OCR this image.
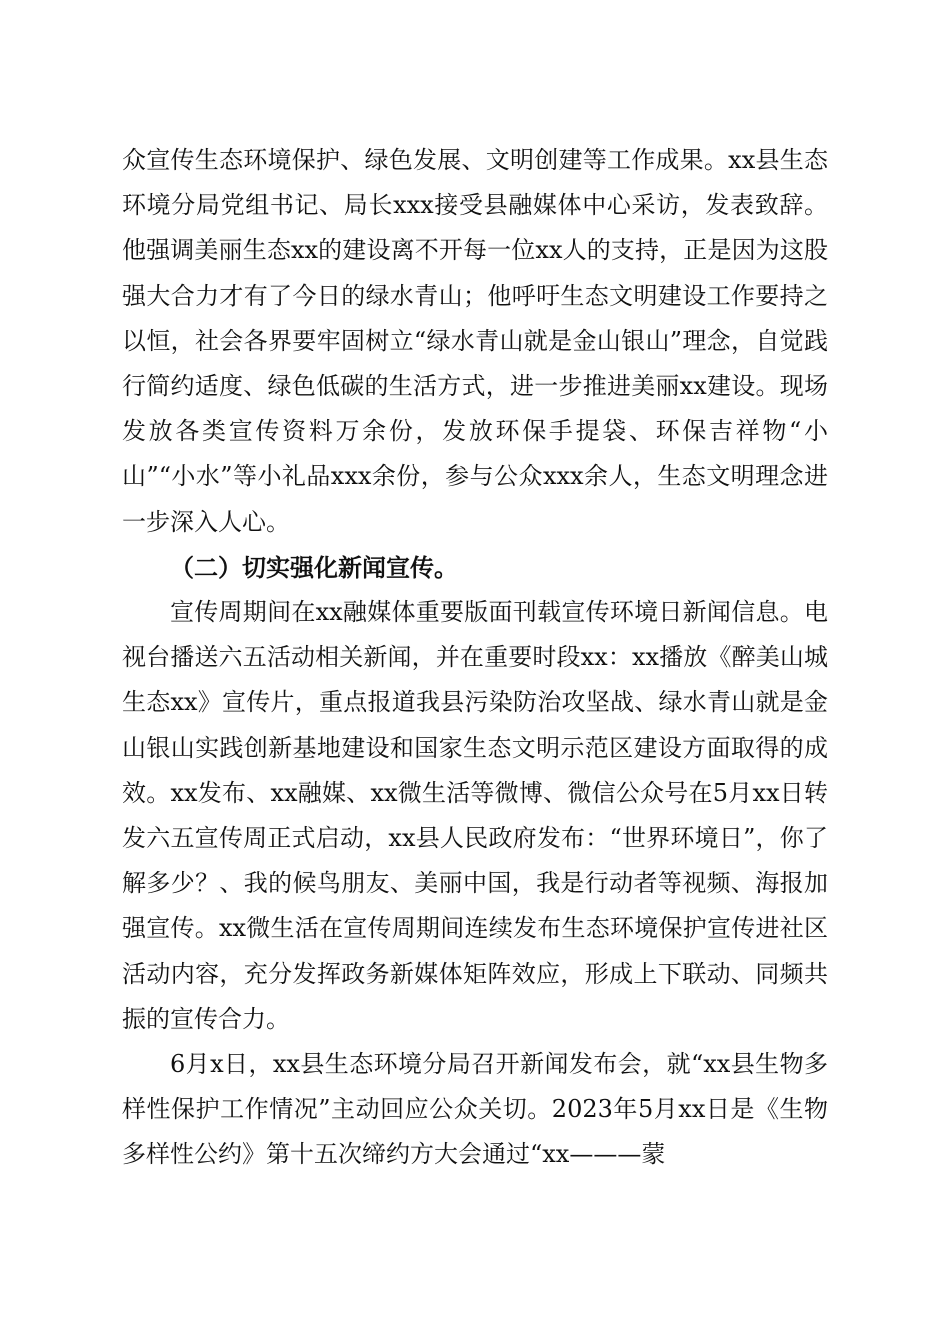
众宣传生态环境保护、绿色发展、文明创建等工作成果。xx县生态环境分局党组书记、局长xxx接受县融媒体中心采访，发表致辞。他强调美丽生态xx的建设离不开每一位xx人的支持，正是因为这股强大合力才有了今日的绿水青山；他呼吁生态文明建设工作要持之以恒，社会各界要牢固树立“绿水青山就是金山银山”理念，自觉践行简约适度、绿色低碳的生活方式，进一步推进美丽xx建设。现场发放各类宣传资料万余份，发放环保手提袋、环保吉祥物“小山”“小水”等小礼品xxx余份，参与公众xxx余人，生态文明理念进一步深入人心。

（二）切实强化新闻宣传。

宣传周期间在xx融媒体重要版面刊载宣传环境日新闻信息。电视台播送六五活动相关新闻，并在重要时段xx：xx播放《醉美山城生态xx》宣传片，重点报道我县污染防治攻坚战、绿水青山就是金山银山实践创新基地建设和国家生态文明示范区建设方面取得的成效。xx发布、xx融媒、xx微生活等微博、微信公众号在5月xx日转发六五宣传周正式启动，xx县人民政府发布：“世界环境日”，你了解多少？、我的候鸟朋友、美丽中国，我是行动者等视频、海报加强宣传。xx微生活在宣传周期间连续发布生态环境保护宣传进社区活动内容，充分发挥政务新媒体矩阵效应，形成上下联动、同频共振的宣传合力。

6月x日，xx县生态环境分局召开新闻发布会，就“xx县生物多样性保护工作情况”主动回应公众关切。2023年5月xx日是《生物多样性公约》第十五次缔约方大会通过“xx———蒙
